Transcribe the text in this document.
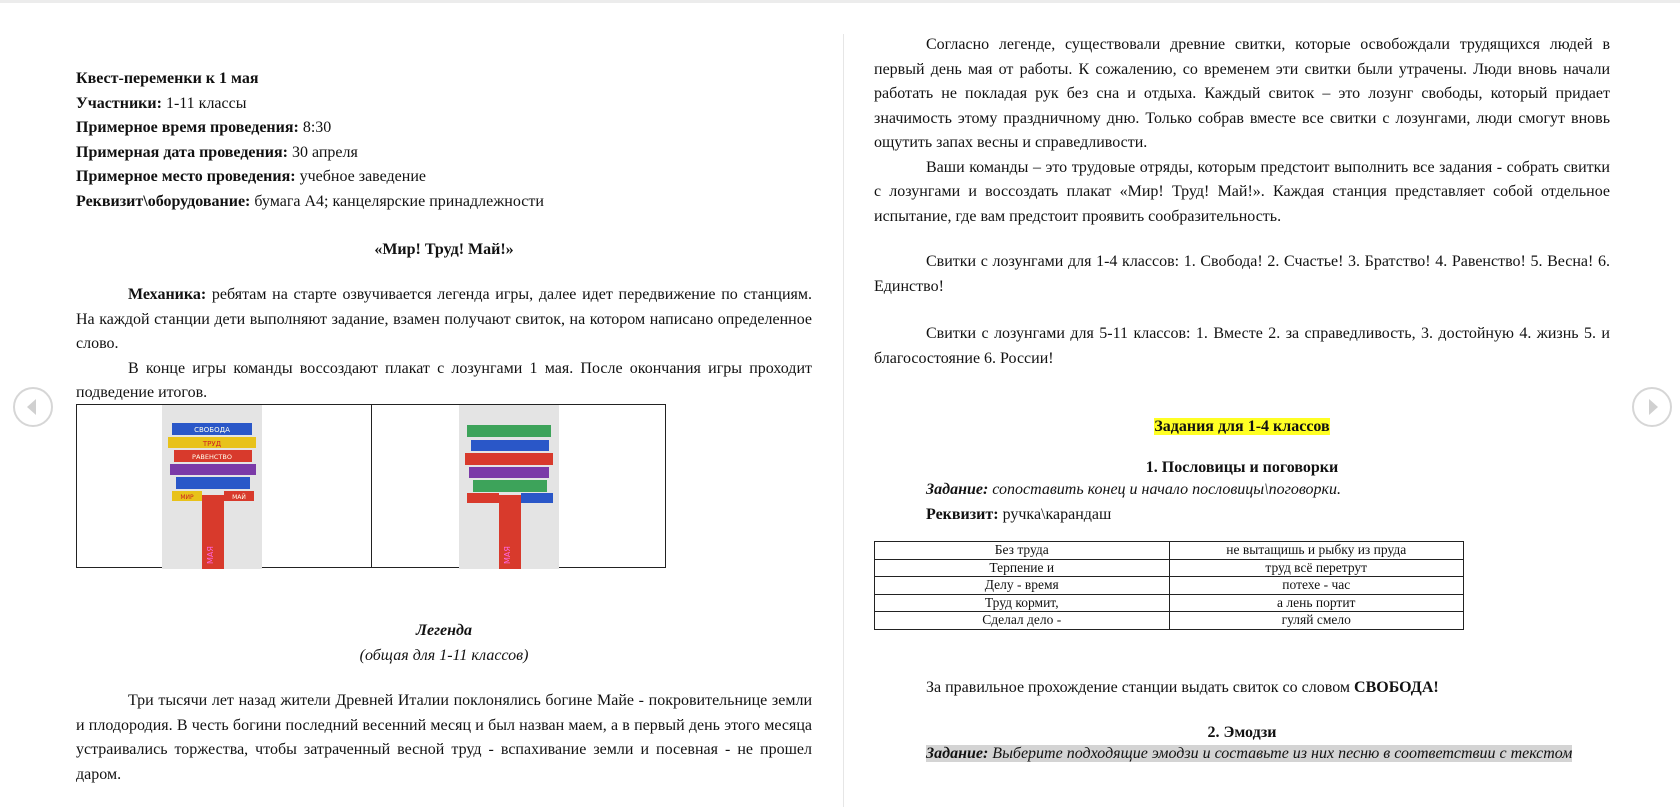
Квест-переменки к 1 мая

Участники: 1-11 классы

Примерное время проведения: 8:30

Примерная дата проведения: 30 апреля

Примерное место проведения: учебное заведение

Реквизит\оборудование: бумага А4; канцелярские принадлежности

«Мир! Труд! Май!»

Механика: ребятам на старте озвучивается легенда игры, далее идет передвижение по станциям. На каждой станции дети выполняют задание, взамен получают свиток, на котором написано определенное слово.

В конце игры команды воссоздают плакат с лозунгами 1 мая. После окончания игры проходит подведение итогов.

СВОБОДА
ТРУД
РАВЕНСТВО
МИР	МАЙ
МАЯ	МАЯ

Легенда

(общая для 1-11 классов)

Три тысячи лет назад жители Древней Италии поклонялись богине Майе - покровительнице земли и плодородия. В честь богини последний весенний месяц и был назван маем, а в первый день этого месяца устраивались торжества, чтобы затраченный весной труд - вспахивание земли и посевная - не прошел даром.

Согласно легенде, существовали древние свитки, которые освобождали трудящихся людей в первый день мая от работы. К сожалению, со временем эти свитки были утрачены. Люди вновь начали работать не покладая рук без сна и отдыха. Каждый свиток – это лозунг свободы, который придает значимость этому праздничному дню. Только собрав вместе все свитки с лозунгами, люди смогут вновь ощутить запах весны и справедливости.

Ваши команды – это трудовые отряды, которым предстоит выполнить все задания - собрать свитки с лозунгами и воссоздать плакат «Мир! Труд! Май!». Каждая станция представляет собой отдельное испытание, где вам предстоит проявить сообразительность.

Свитки с лозунгами для 1-4 классов: 1. Свобода! 2. Счастье! 3. Братство! 4. Равенство! 5. Весна! 6. Единство!

Свитки с лозунгами для 5-11 классов: 1. Вместе 2. за справедливость, 3. достойную 4. жизнь 5. и благосостояние 6. России!

Задания для 1-4 классов

1. Пословицы и поговорки

Задание: сопоставить конец и начало пословицы\поговорки.

Реквизит: ручка\карандаш

Без труда	не вытащишь и рыбку из пруда
Терпение и	труд всё перетрут
Делу - время	потехе - час
Труд кормит,	а лень портит
Сделал дело -	гуляй смело

За правильное прохождение станции выдать свиток со словом СВОБОДА!

2. Эмодзи

Задание: Выберите подходящие эмодзи и составьте из них песню в соответствии с текстом
